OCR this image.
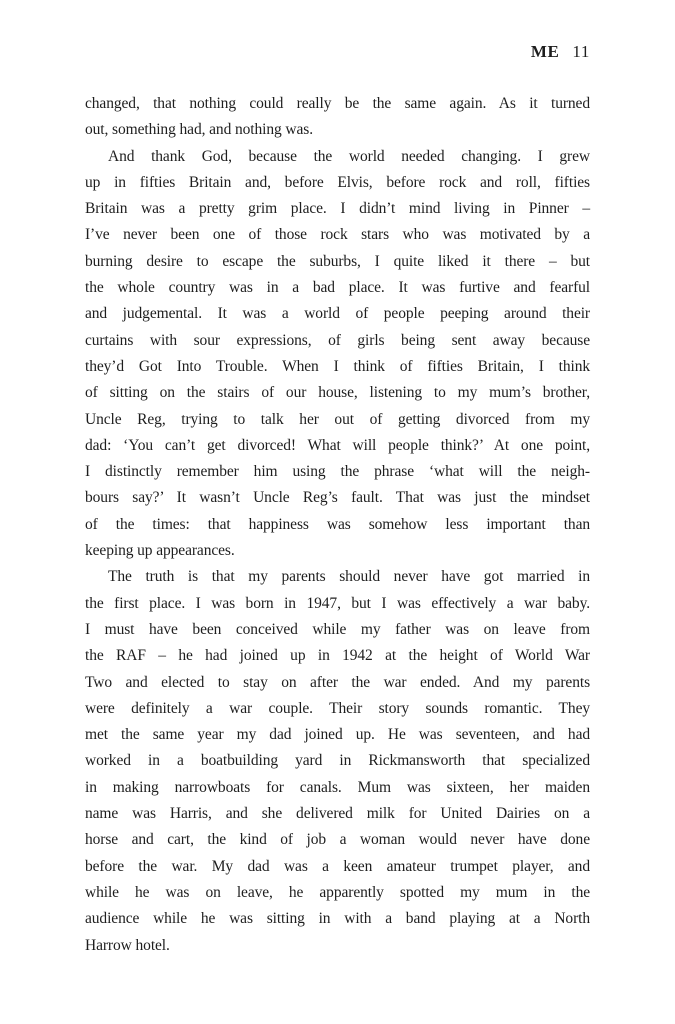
ME 11
changed, that nothing could really be the same again. As it turned
out, something had, and nothing was.
And thank God, because the world needed changing. I grew
up in fifties Britain and, before Elvis, before rock and roll, fifties
Britain was a pretty grim place. I didn’t mind living in Pinner –
I’ve never been one of those rock stars who was motivated by a
burning desire to escape the suburbs, I quite liked it there – but
the whole country was in a bad place. It was furtive and fearful
and judgemental. It was a world of people peeping around their
curtains with sour expressions, of girls being sent away because
they’d Got Into Trouble. When I think of fifties Britain, I think
of sitting on the stairs of our house, listening to my mum’s brother,
Uncle Reg, trying to talk her out of getting divorced from my
dad: ‘You can’t get divorced! What will people think?’ At one point,
I distinctly remember him using the phrase ‘what will the neigh-
bours say?’ It wasn’t Uncle Reg’s fault. That was just the mindset
of the times: that happiness was somehow less important than
keeping up appearances.
The truth is that my parents should never have got married in
the first place. I was born in 1947, but I was effectively a war baby.
I must have been conceived while my father was on leave from
the RAF – he had joined up in 1942 at the height of World War
Two and elected to stay on after the war ended. And my parents
were definitely a war couple. Their story sounds romantic. They
met the same year my dad joined up. He was seventeen, and had
worked in a boatbuilding yard in Rickmansworth that specialized
in making narrowboats for canals. Mum was sixteen, her maiden
name was Harris, and she delivered milk for United Dairies on a
horse and cart, the kind of job a woman would never have done
before the war. My dad was a keen amateur trumpet player, and
while he was on leave, he apparently spotted my mum in the
audience while he was sitting in with a band playing at a North
Harrow hotel.
